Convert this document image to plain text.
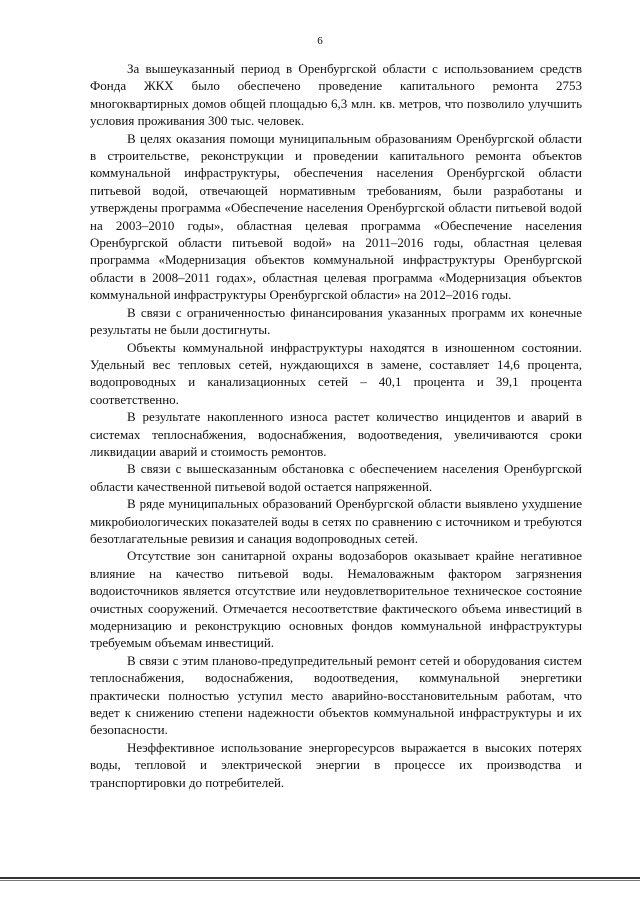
6

За вышеуказанный период в Оренбургской области с использованием средств Фонда ЖКХ было обеспечено проведение капитального ремонта 2753 многоквартирных домов общей площадью 6,3 млн. кв. метров, что позволило улучшить условия проживания 300 тыс. человек.

В целях оказания помощи муниципальным образованиям Оренбургской области в строительстве, реконструкции и проведении капитального ремонта объектов коммунальной инфраструктуры, обеспечения населения Оренбургской области питьевой водой, отвечающей нормативным требованиям, были разработаны и утверждены программа «Обеспечение населения Оренбургской области питьевой водой на 2003–2010 годы», областная целевая программа «Обеспечение населения Оренбургской области питьевой водой» на 2011–2016 годы, областная целевая программа «Модернизация объектов коммунальной инфраструктуры Оренбургской области в 2008–2011 годах», областная целевая программа «Модернизация объектов коммунальной инфраструктуры Оренбургской области» на 2012–2016 годы.

В связи с ограниченностью финансирования указанных программ их конечные результаты не были достигнуты.

Объекты коммунальной инфраструктуры находятся в изношенном состоянии. Удельный вес тепловых сетей, нуждающихся в замене, составляет 14,6 процента, водопроводных и канализационных сетей – 40,1 процента и 39,1 процента соответственно.

В результате накопленного износа растет количество инцидентов и аварий в системах теплоснабжения, водоснабжения, водоотведения, увеличиваются сроки ликвидации аварий и стоимость ремонтов.

В связи с вышесказанным обстановка с обеспечением населения Оренбургской области качественной питьевой водой остается напряженной.

В ряде муниципальных образований Оренбургской области выявлено ухудшение микробиологических показателей воды в сетях по сравнению с источником и требуются безотлагательные ревизия и санация водопроводных сетей.

Отсутствие зон санитарной охраны водозаборов оказывает крайне негативное влияние на качество питьевой воды. Немаловажным фактором загрязнения водоисточников является отсутствие или неудовлетворительное техническое состояние очистных сооружений. Отмечается несоответствие фактического объема инвестиций в модернизацию и реконструкцию основных фондов коммунальной инфраструктуры требуемым объемам инвестиций.

В связи с этим планово-предупредительный ремонт сетей и оборудования систем теплоснабжения, водоснабжения, водоотведения, коммунальной энергетики практически полностью уступил место аварийно-восстановительным работам, что ведет к снижению степени надежности объектов коммунальной инфраструктуры и их безопасности.

Неэффективное использование энергоресурсов выражается в высоких потерях воды, тепловой и электрической энергии в процессе их производства и транспортировки до потребителей.
